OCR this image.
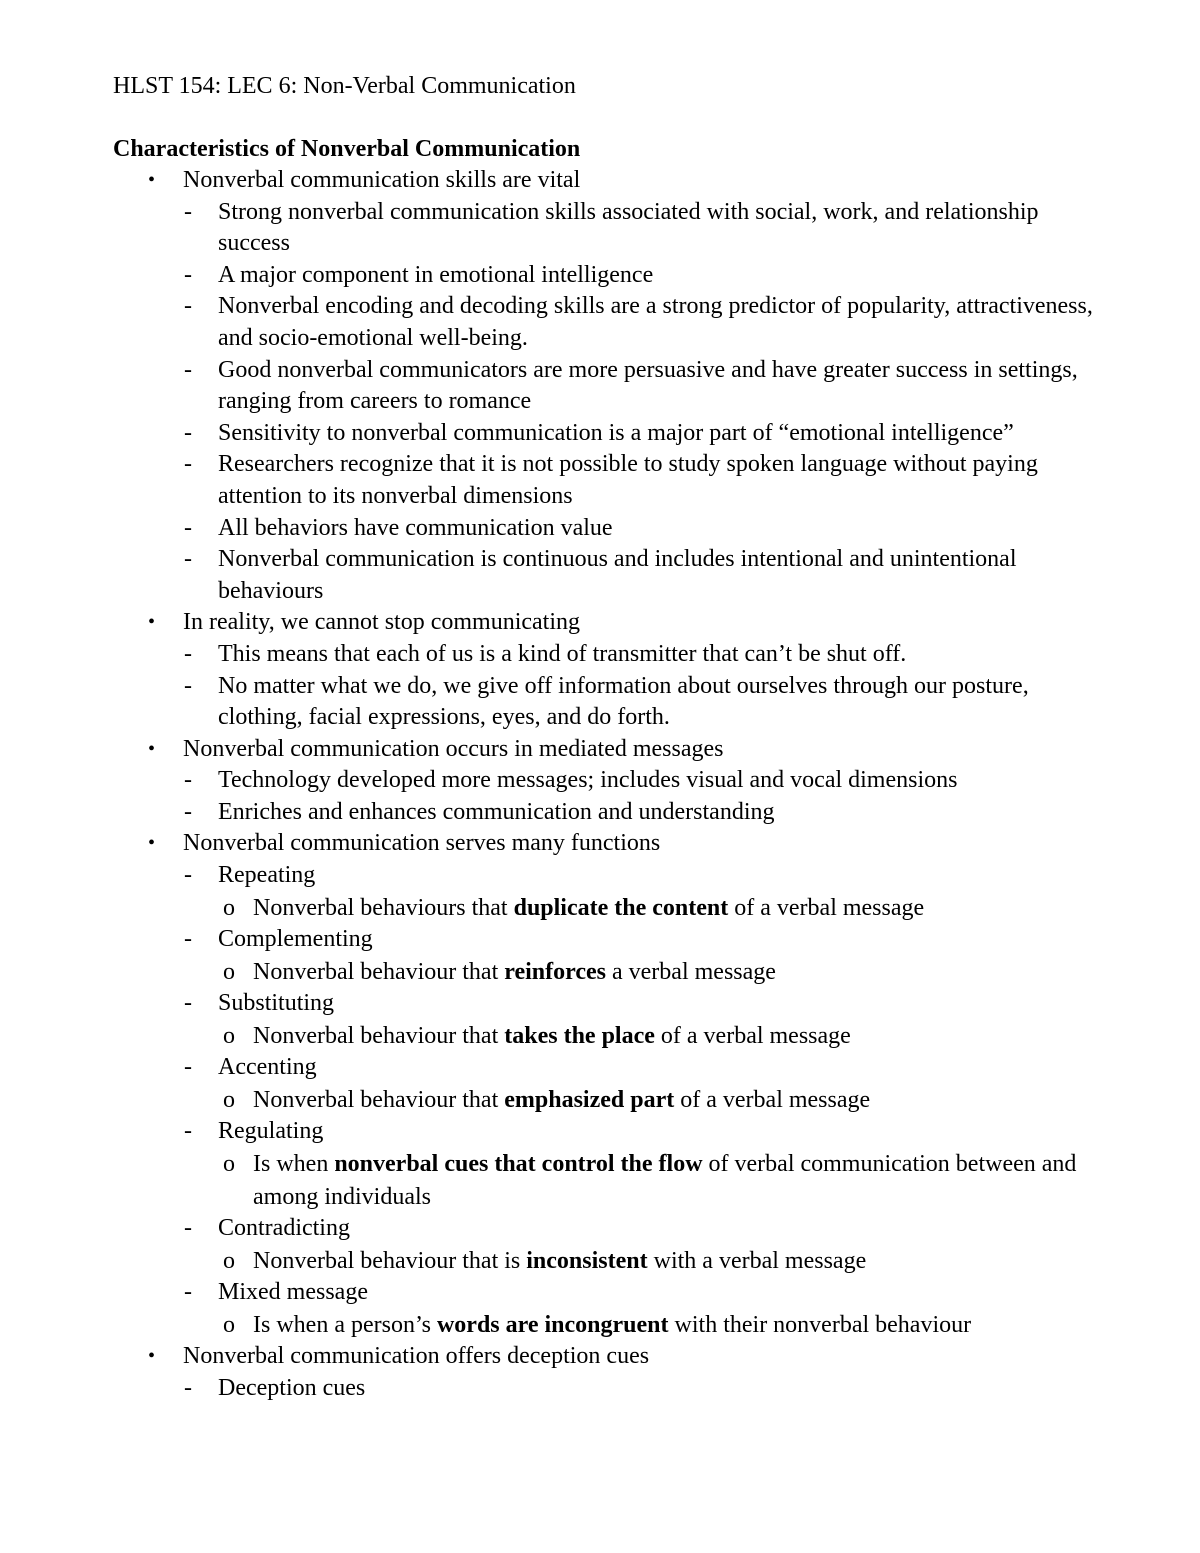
HLST 154: LEC 6: Non-Verbal Communication
Characteristics of Nonverbal Communication
• Nonverbal communication skills are vital
- Strong nonverbal communication skills associated with social, work, and relationship success
- A major component in emotional intelligence
- Nonverbal encoding and decoding skills are a strong predictor of popularity, attractiveness, and socio-emotional well-being.
- Good nonverbal communicators are more persuasive and have greater success in settings, ranging from careers to romance
- Sensitivity to nonverbal communication is a major part of “emotional intelligence”
- Researchers recognize that it is not possible to study spoken language without paying attention to its nonverbal dimensions
- All behaviors have communication value
- Nonverbal communication is continuous and includes intentional and unintentional behaviours
• In reality, we cannot stop communicating
- This means that each of us is a kind of transmitter that can’t be shut off.
- No matter what we do, we give off information about ourselves through our posture, clothing, facial expressions, eyes, and do forth.
• Nonverbal communication occurs in mediated messages
- Technology developed more messages; includes visual and vocal dimensions
- Enriches and enhances communication and understanding
• Nonverbal communication serves many functions
- Repeating
o Nonverbal behaviours that duplicate the content of a verbal message
- Complementing
o Nonverbal behaviour that reinforces a verbal message
- Substituting
o Nonverbal behaviour that takes the place of a verbal message
- Accenting
o Nonverbal behaviour that emphasized part of a verbal message
- Regulating
o Is when nonverbal cues that control the flow of verbal communication between and among individuals
- Contradicting
o Nonverbal behaviour that is inconsistent with a verbal message
- Mixed message
o Is when a person’s words are incongruent with their nonverbal behaviour
• Nonverbal communication offers deception cues
- Deception cues
